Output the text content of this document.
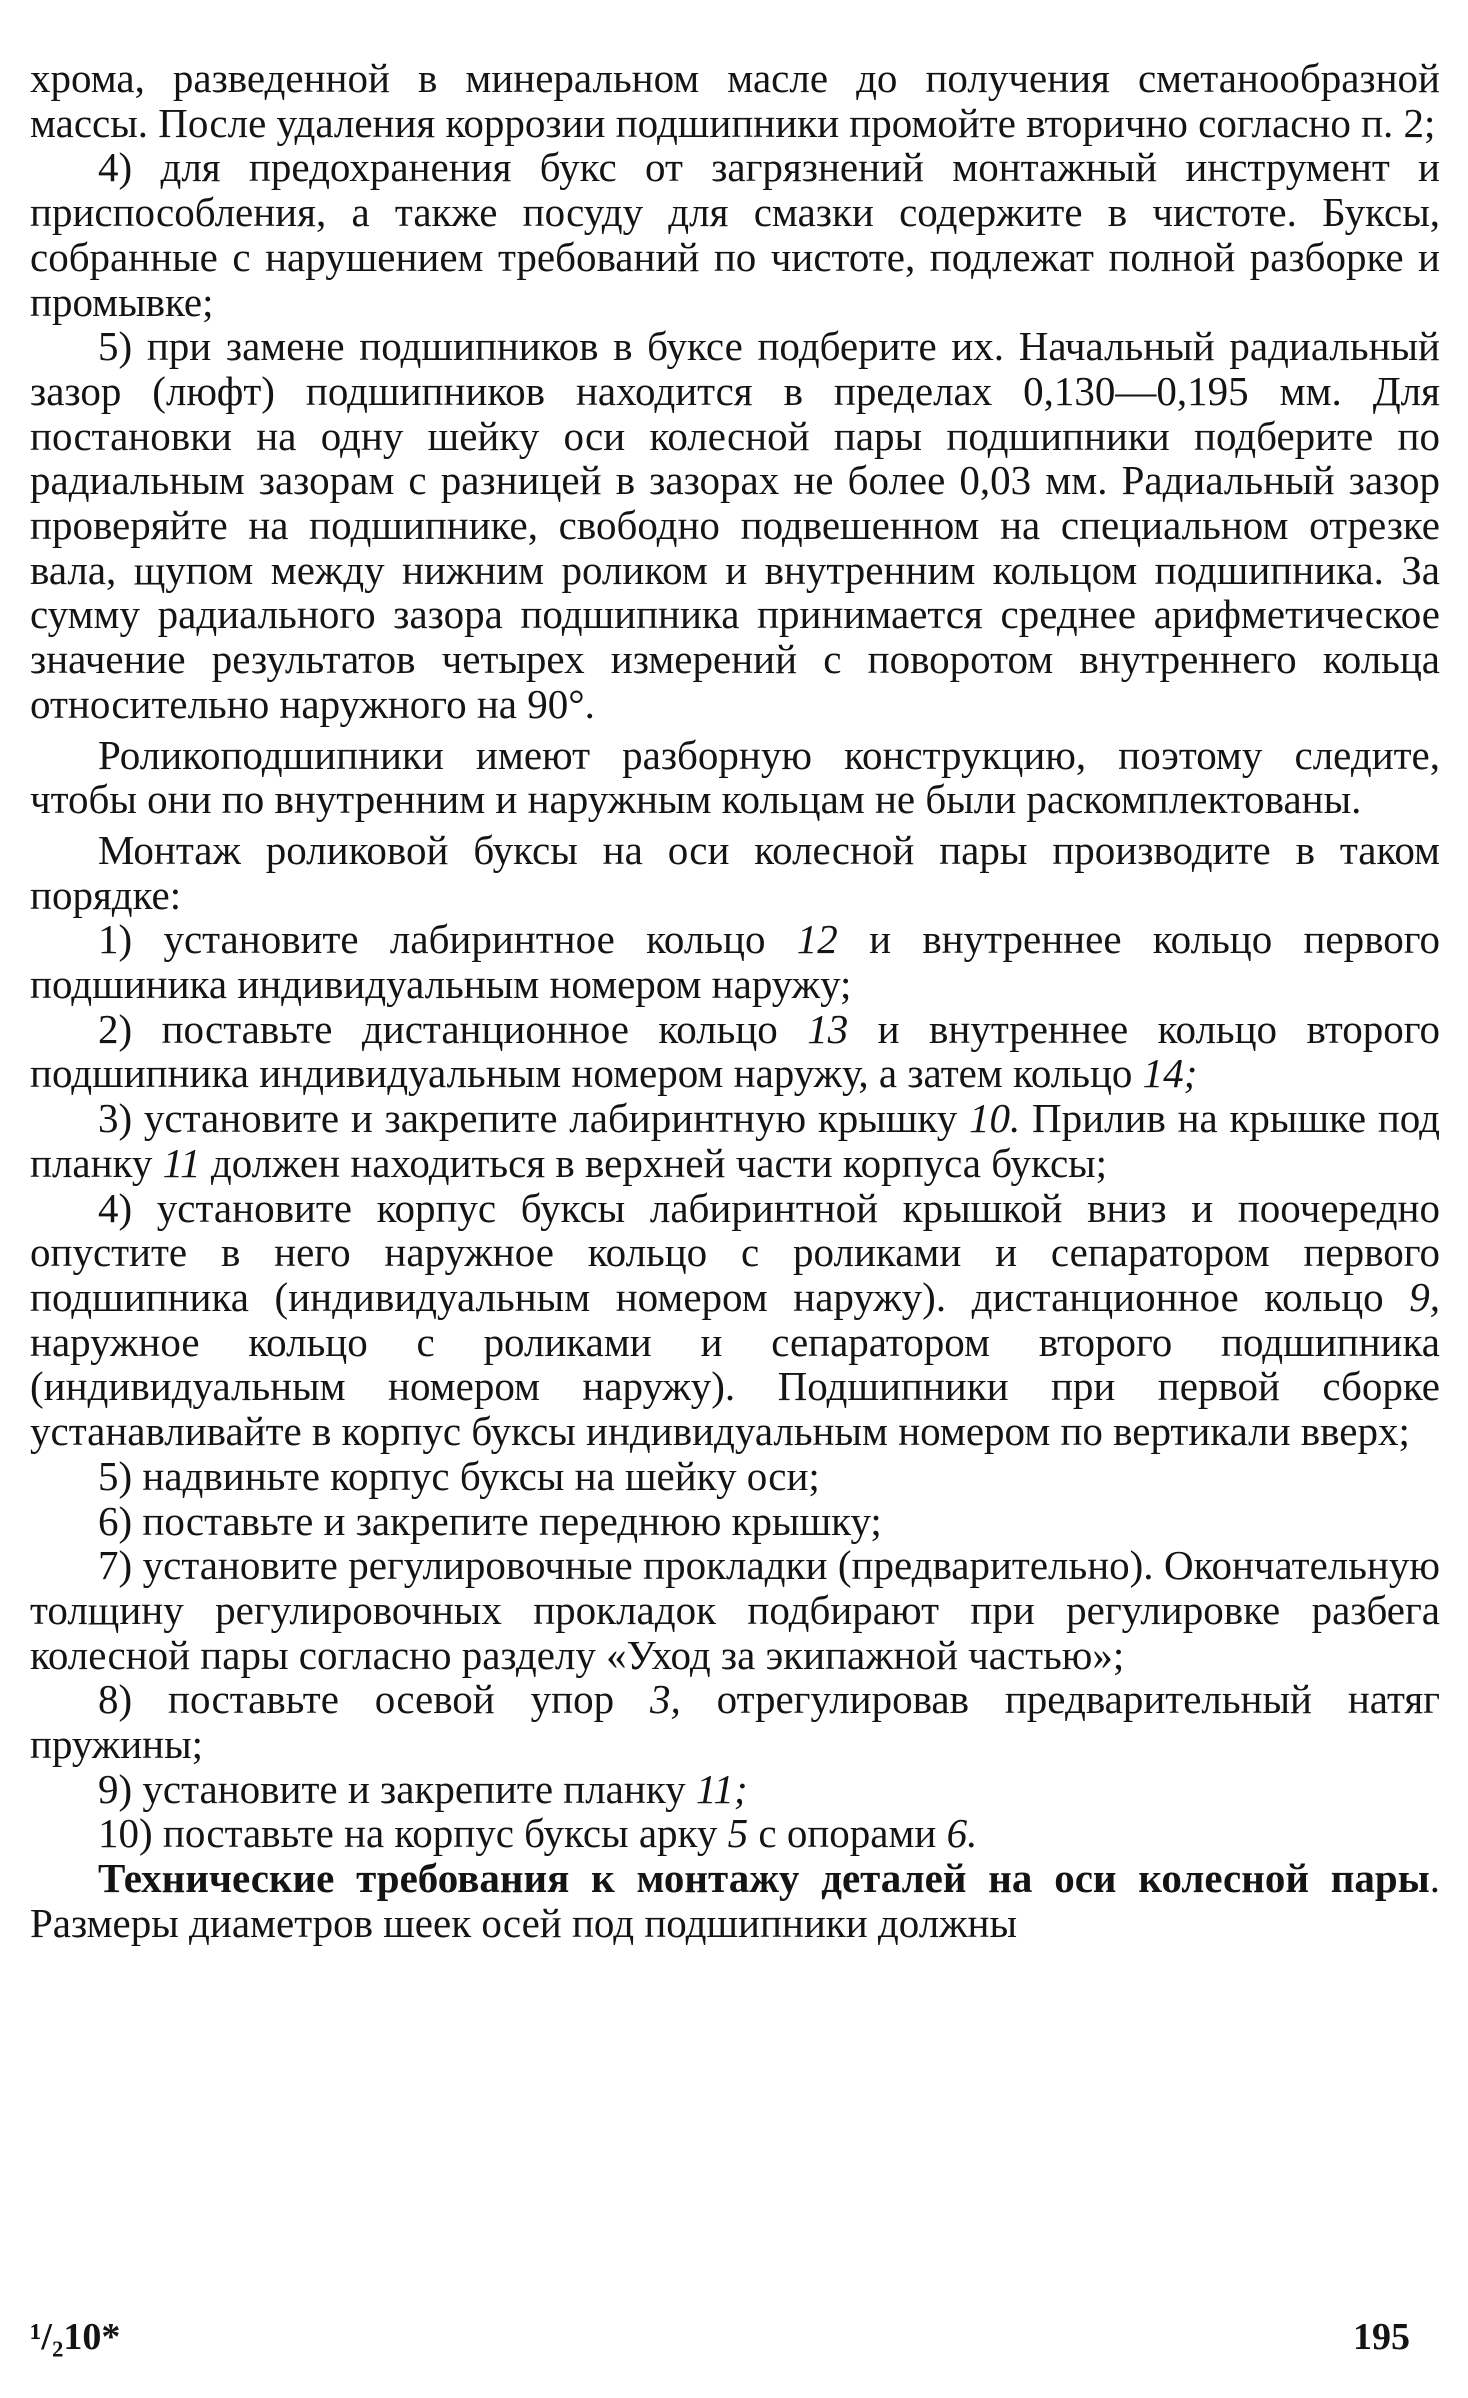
хрома, разведенной в минеральном масле до получения сметанообразной массы. После удаления коррозии подшипники промойте вторично согласно п. 2;

4) для предохранения букс от загрязнений монтажный инструмент и приспособления, а также посуду для смазки содержите в чистоте. Буксы, собранные с нарушением требований по чистоте, подлежат полной разборке и промывке;

5) при замене подшипников в буксе подберите их. Начальный радиальный зазор (люфт) подшипников находится в пределах 0,130—0,195 мм. Для постановки на одну шейку оси колесной пары подшипники подберите по радиальным зазорам с разницей в зазорах не более 0,03 мм. Радиальный зазор проверяйте на подшипнике, свободно подвешенном на специальном отрезке вала, щупом между нижним роликом и внутренним кольцом подшипника. За сумму радиального зазора подшипника принимается среднее арифметическое значение результатов четырех измерений с поворотом внутреннего кольца относительно наружного на 90°.

Роликоподшипники имеют разборную конструкцию, поэтому следите, чтобы они по внутренним и наружным кольцам не были раскомплектованы.

Монтаж роликовой буксы на оси колесной пары производите в таком порядке:

1) установите лабиринтное кольцо 12 и внутреннее кольцо первого подшиника индивидуальным номером наружу;

2) поставьте дистанционное кольцо 13 и внутреннее кольцо второго подшипника индивидуальным номером наружу, а затем кольцо 14;

3) установите и закрепите лабиринтную крышку 10. Прилив на крышке под планку 11 должен находиться в верхней части корпуса буксы;

4) установите корпус буксы лабиринтной крышкой вниз и поочередно опустите в него наружное кольцо с роликами и сепаратором первого подшипника (индивидуальным номером наружу). дистанционное кольцо 9, наружное кольцо с роликами и сепаратором второго подшипника (индивидуальным номером наружу). Подшипники при первой сборке устанавливайте в корпус буксы индивидуальным номером по вертикали вверх;

5) надвиньте корпус буксы на шейку оси;

6) поставьте и закрепите переднюю крышку;

7) установите регулировочные прокладки (предварительно). Окончательную толщину регулировочных прокладок подбирают при регулировке разбега колесной пары согласно разделу «Уход за экипажной частью»;

8) поставьте осевой упор 3, отрегулировав предварительный натяг пружины;

9) установите и закрепите планку 11;

10) поставьте на корпус буксы арку 5 с опорами 6.

Технические требования к монтажу деталей на оси колесной пары. Размеры диаметров шеек осей под подшипники должны

¹/₂10*	195
